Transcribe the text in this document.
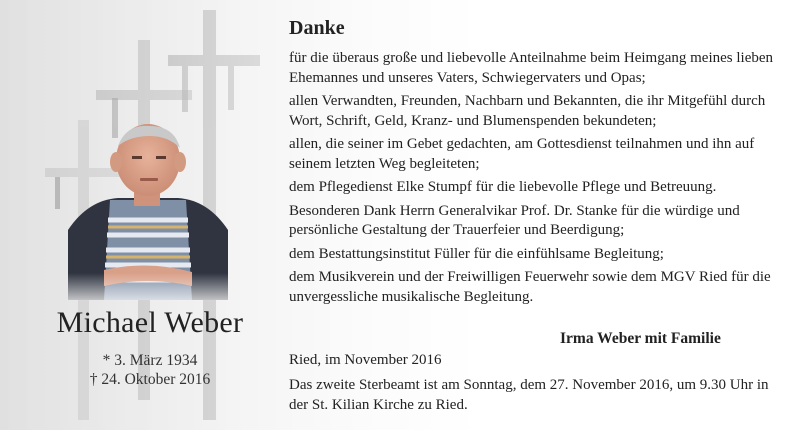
Michael Weber
* 3. März 1934
† 24. Oktober 2016
Danke

für die überaus große und liebevolle Anteilnahme beim Heimgang meines lieben Ehemannes und unseres Vaters, Schwiegervaters und Opas;

allen Verwandten, Freunden, Nachbarn und Bekannten, die ihr Mitgefühl durch Wort, Schrift, Geld, Kranz- und Blumenspenden bekundeten;

allen, die seiner im Gebet gedachten, am Gottesdienst teilnahmen und ihn auf seinem letzten Weg begleiteten;

dem Pflegedienst Elke Stumpf für die liebevolle Pflege und Betreuung.

Besonderen Dank Herrn Generalvikar Prof. Dr. Stanke für die würdige und persönliche Gestaltung der Trauerfeier und Beerdigung;

dem Bestattungsinstitut Füller für die einfühlsame Begleitung;

dem Musikverein und der Freiwilligen Feuerwehr sowie dem MGV Ried für die unvergessliche musikalische Begleitung.

Irma Weber mit Familie
Ried, im November 2016
Das zweite Sterbeamt ist am Sonntag, dem 27. November 2016, um 9.30 Uhr in der St. Kilian Kirche zu Ried.
